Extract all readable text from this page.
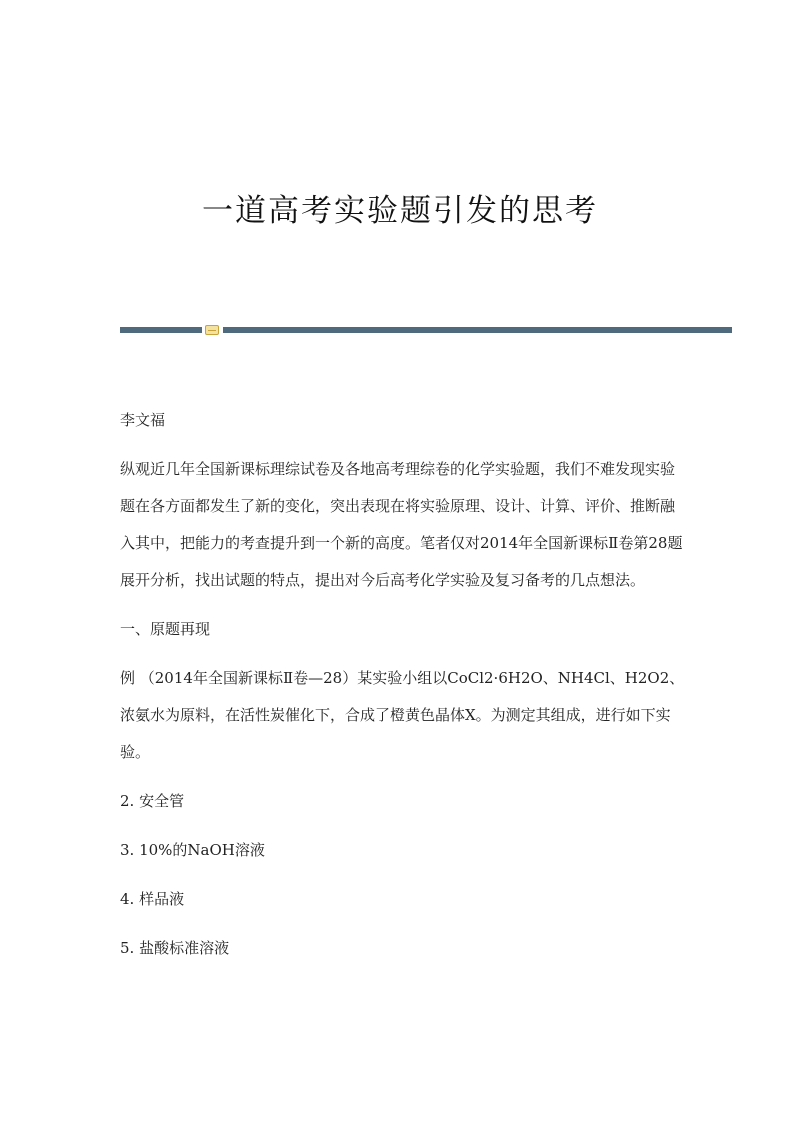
一道高考实验题引发的思考

李文福

纵观近几年全国新课标理综试卷及各地高考理综卷的化学实验题，我们不难发现实验题在各方面都发生了新的变化，突出表现在将实验原理、设计、计算、评价、推断融入其中，把能力的考查提升到一个新的高度。笔者仅对2014年全国新课标Ⅱ卷第28题展开分析，找出试题的特点，提出对今后高考化学实验及复习备考的几点想法。

一、原题再现

例 （2014年全国新课标Ⅱ卷—28）某实验小组以CoCl2·6H2O、NH4Cl、H2O2、浓氨水为原料，在活性炭催化下，合成了橙黄色晶体X。为测定其组成，进行如下实验。

2. 安全管

3. 10%的NaOH溶液

4. 样品液

5. 盐酸标准溶液
